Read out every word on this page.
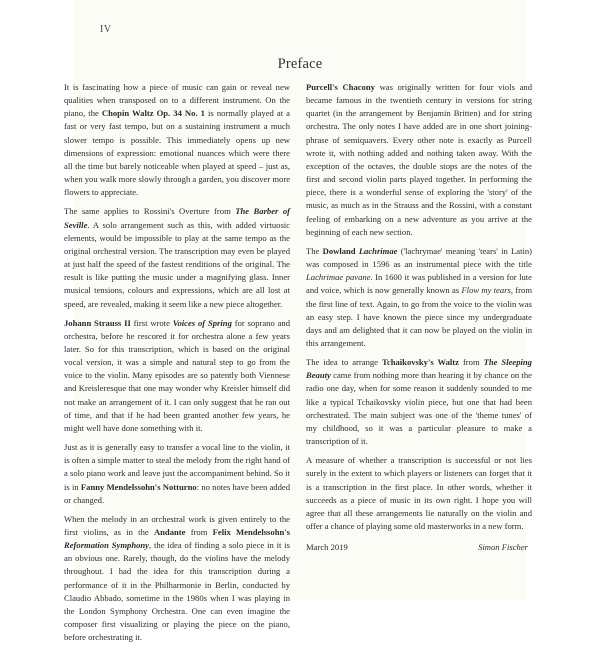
IV
Preface

It is fascinating how a piece of music can gain or reveal new qualities when transposed on to a different instrument. On the piano, the Chopin Waltz Op. 34 No. 1 is normally played at a fast or very fast tempo, but on a sustaining instrument a much slower tempo is possible. This immediately opens up new dimensions of expression: emotional nuances which were there all the time but barely noticeable when played at speed – just as, when you walk more slowly through a garden, you discover more flowers to appreciate.

The same applies to Rossini's Overture from The Barber of Seville. A solo arrangement such as this, with added virtuosic elements, would be impossible to play at the same tempo as the original orchestral version. The transcription may even be played at just half the speed of the fastest renditions of the original. The result is like putting the music under a magnifying glass. Inner musical tensions, colours and expressions, which are all lost at speed, are revealed, making it seem like a new piece altogether.

Johann Strauss II first wrote Voices of Spring for soprano and orchestra, before he rescored it for orchestra alone a few years later. So for this transcription, which is based on the original vocal version, it was a simple and natural step to go from the voice to the violin. Many episodes are so patently both Viennese and Kreisleresque that one may wonder why Kreisler himself did not make an arrangement of it. I can only suggest that he ran out of time, and that if he had been granted another few years, he might well have done something with it.

Just as it is generally easy to transfer a vocal line to the violin, it is often a simple matter to steal the melody from the right hand of a solo piano work and leave just the accompaniment behind. So it is in Fanny Mendelssohn's Notturno: no notes have been added or changed.

When the melody in an orchestral work is given entirely to the first violins, as in the Andante from Felix Mendelssohn's Reformation Symphony, the idea of finding a solo piece in it is an obvious one. Rarely, though, do the violins have the melody throughout. I had the idea for this transcription during a performance of it in the Philharmonie in Berlin, conducted by Claudio Abbado, sometime in the 1980s when I was playing in the London Symphony Orchestra. One can even imagine the composer first visualizing or playing the piece on the piano, before orchestrating it.

Purcell's Chacony was originally written for four viols and became famous in the twentieth century in versions for string quartet (in the arrangement by Benjamin Britten) and for string orchestra. The only notes I have added are in one short joining-phrase of semiquavers. Every other note is exactly as Purcell wrote it, with nothing added and nothing taken away. With the exception of the octaves, the double stops are the notes of the first and second violin parts played together. In performing the piece, there is a wonderful sense of exploring the 'story' of the music, as much as in the Strauss and the Rossini, with a constant feeling of embarking on a new adventure as you arrive at the beginning of each new section.

The Dowland Lachrimae ('lachrymae' meaning 'tears' in Latin) was composed in 1596 as an instrumental piece with the title Lachrimae pavane. In 1600 it was published in a version for lute and voice, which is now generally known as Flow my tears, from the first line of text. Again, to go from the voice to the violin was an easy step. I have known the piece since my undergraduate days and am delighted that it can now be played on the violin in this arrangement.

The idea to arrange Tchaikovsky's Waltz from The Sleeping Beauty came from nothing more than hearing it by chance on the radio one day, when for some reason it suddenly sounded to me like a typical Tchaikovsky violin piece, but one that had been orchestrated. The main subject was one of the 'theme tunes' of my childhood, so it was a particular pleasure to make a transcription of it.

A measure of whether a transcription is successful or not lies surely in the extent to which players or listeners can forget that it is a transcription in the first place. In other words, whether it succeeds as a piece of music in its own right. I hope you will agree that all these arrangements lie naturally on the violin and offer a chance of playing some old masterworks in a new form.

March 2019	Simon Fischer
